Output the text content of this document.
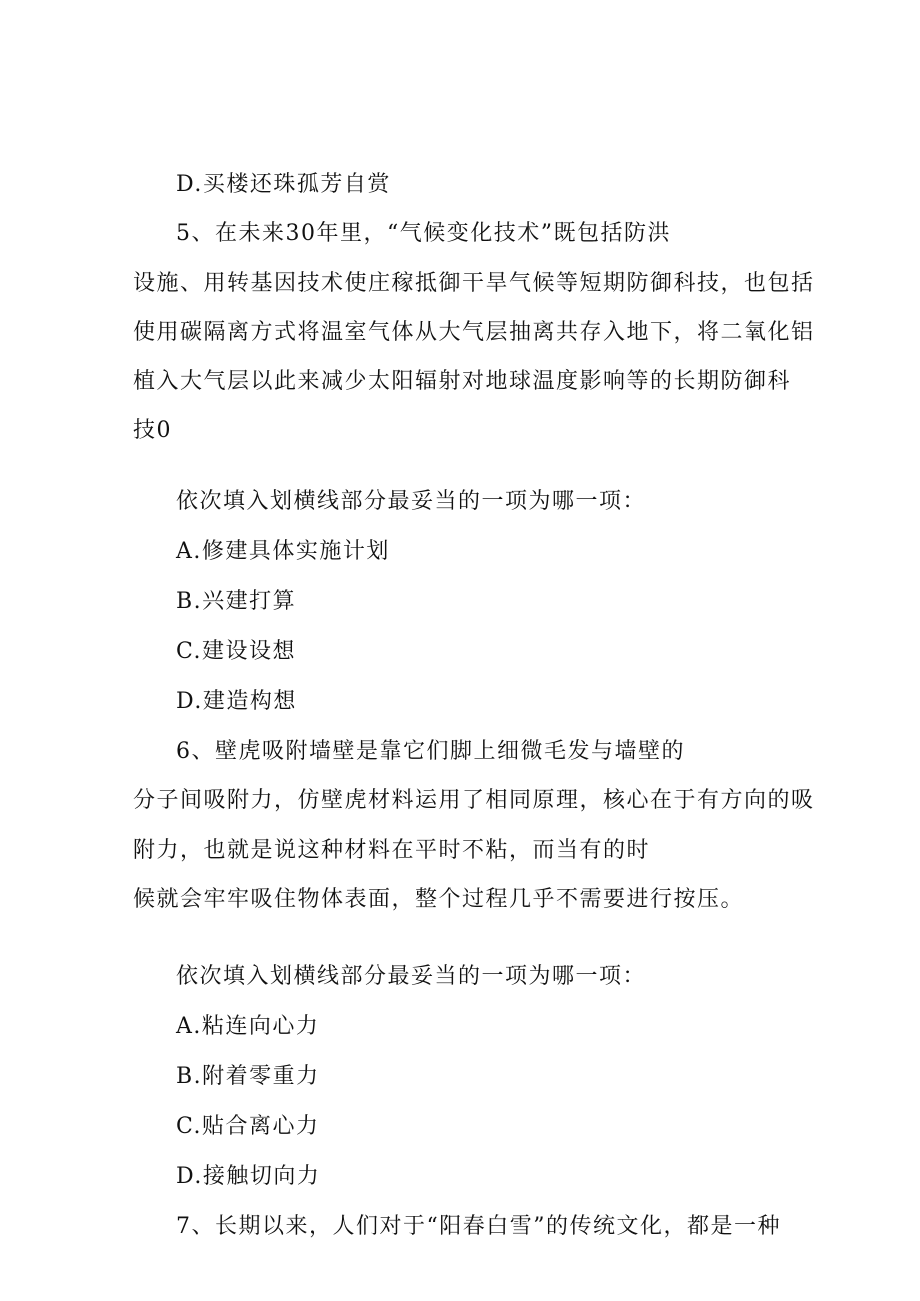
D.买楼还珠孤芳自赏
5、在未来30年里，“气候变化技术”既包括防洪
设施、用转基因技术使庄稼抵御干旱气候等短期防御科技，也包括
使用碳隔离方式将温室气体从大气层抽离共存入地下，将二氧化铝
植入大气层以此来减少太阳辐射对地球温度影响等的长期防御科
技0
依次填入划横线部分最妥当的一项为哪一项：
A.修建具体实施计划
B.兴建打算
C.建设设想
D.建造构想
6、壁虎吸附墙壁是靠它们脚上细微毛发与墙壁的
分子间吸附力，仿壁虎材料运用了相同原理，核心在于有方向的吸
附力，也就是说这种材料在平时不粘，而当有的时
候就会牢牢吸住物体表面，整个过程几乎不需要进行按压。
依次填入划横线部分最妥当的一项为哪一项：
A.粘连向心力
B.附着零重力
C.贴合离心力
D.接触切向力
7、长期以来，人们对于“阳春白雪”的传统文化，都是一种
